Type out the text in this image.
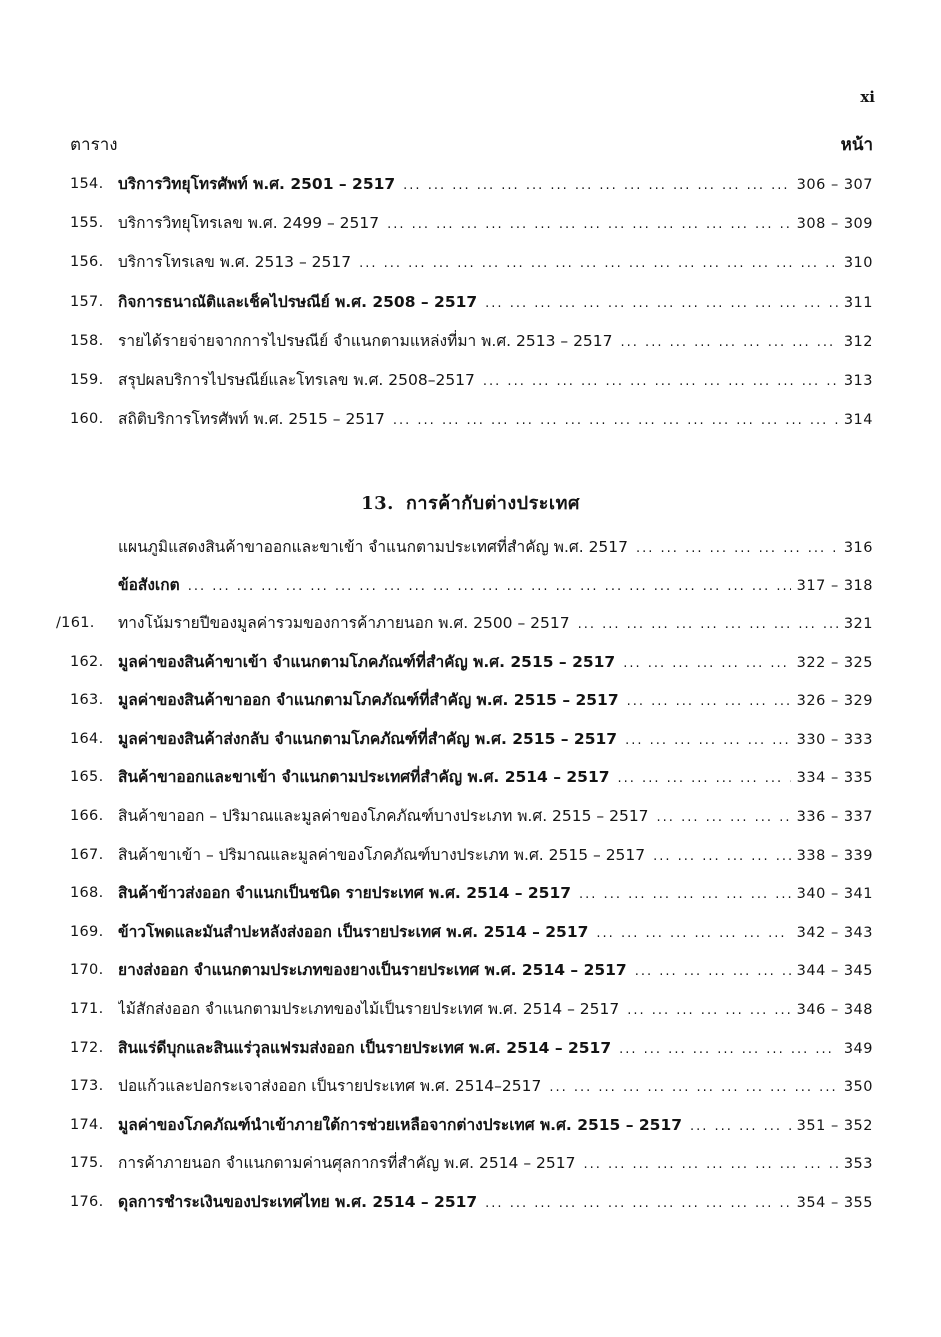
xi
ตาราง	หน้า
154. บริการวิทยุโทรศัพท์ พ.ศ. 2501 – 2517 ... .	306 – 307
155. บริการวิทยุโทรเลข พ.ศ. 2499 – 2517 ... .	308 – 309
156. บริการโทรเลข พ.ศ. 2513 – 2517 ... .	310
157. กิจการธนาณัติและเช็คไปรษณีย์ พ.ศ. 2508 – 2517 ... .	311
158. รายได้รายจ่ายจากการไปรษณีย์ จำแนกตามแหล่งที่มา พ.ศ. 2513 – 2517 ... .	312
159. สรุปผลบริการไปรษณีย์และโทรเลข พ.ศ. 2508–2517 ... .	313
160. สถิติบริการโทรศัพท์ พ.ศ. 2515 – 2517 ... .	314
13. การค้ากับต่างประเทศ
แผนภูมิแสดงสินค้าขาออกและขาเข้า จำแนกตามประเทศที่สำคัญ พ.ศ. 2517 ... .	316
ข้อสังเกต ... .	317 – 318
/161. ทางโน้มรายปีของมูลค่ารวมของการค้าภายนอก พ.ศ. 2500 – 2517 ... .	321
162. มูลค่าของสินค้าขาเข้า จำแนกตามโภคภัณฑ์ที่สำคัญ พ.ศ. 2515 – 2517 ... .	322 – 325
163. มูลค่าของสินค้าขาออก จำแนกตามโภคภัณฑ์ที่สำคัญ พ.ศ. 2515 – 2517 ... .	326 – 329
164. มูลค่าของสินค้าส่งกลับ จำแนกตามโภคภัณฑ์ที่สำคัญ พ.ศ. 2515 – 2517 ... .	330 – 333
165. สินค้าขาออกและขาเข้า จำแนกตามประเทศที่สำคัญ พ.ศ. 2514 – 2517 ... .	334 – 335
166. สินค้าขาออก – ปริมาณและมูลค่าของโภคภัณฑ์บางประเภท พ.ศ. 2515 – 2517 ... .	336 – 337
167. สินค้าขาเข้า – ปริมาณและมูลค่าของโภคภัณฑ์บางประเภท พ.ศ. 2515 – 2517 ... .	338 – 339
168. สินค้าข้าวส่งออก จำแนกเป็นชนิด รายประเทศ พ.ศ. 2514 – 2517 ... .	340 – 341
169. ข้าวโพดและมันสำปะหลังส่งออก เป็นรายประเทศ พ.ศ. 2514 – 2517 ... .	342 – 343
170. ยางส่งออก จำแนกตามประเภทของยางเป็นรายประเทศ พ.ศ. 2514 – 2517 ... .	344 – 345
171. ไม้สักส่งออก จำแนกตามประเภทของไม้เป็นรายประเทศ พ.ศ. 2514 – 2517 ... .	346 – 348
172. สินแร่ดีบุกและสินแร่วุลแฟรมส่งออก เป็นรายประเทศ พ.ศ. 2514 – 2517 ... .	349
173. ปอแก้วและปอกระเจาส่งออก เป็นรายประเทศ พ.ศ. 2514–2517 ... .	350
174. มูลค่าของโภคภัณฑ์นำเข้าภายใต้การช่วยเหลือจากต่างประเทศ พ.ศ. 2515 – 2517 ... .	351 – 352
175. การค้าภายนอก จำแนกตามค่านศุลกากรที่สำคัญ พ.ศ. 2514 – 2517 ... .	353
176. ดุลการชำระเงินของประเทศไทย พ.ศ. 2514 – 2517 ... .	354 – 355
